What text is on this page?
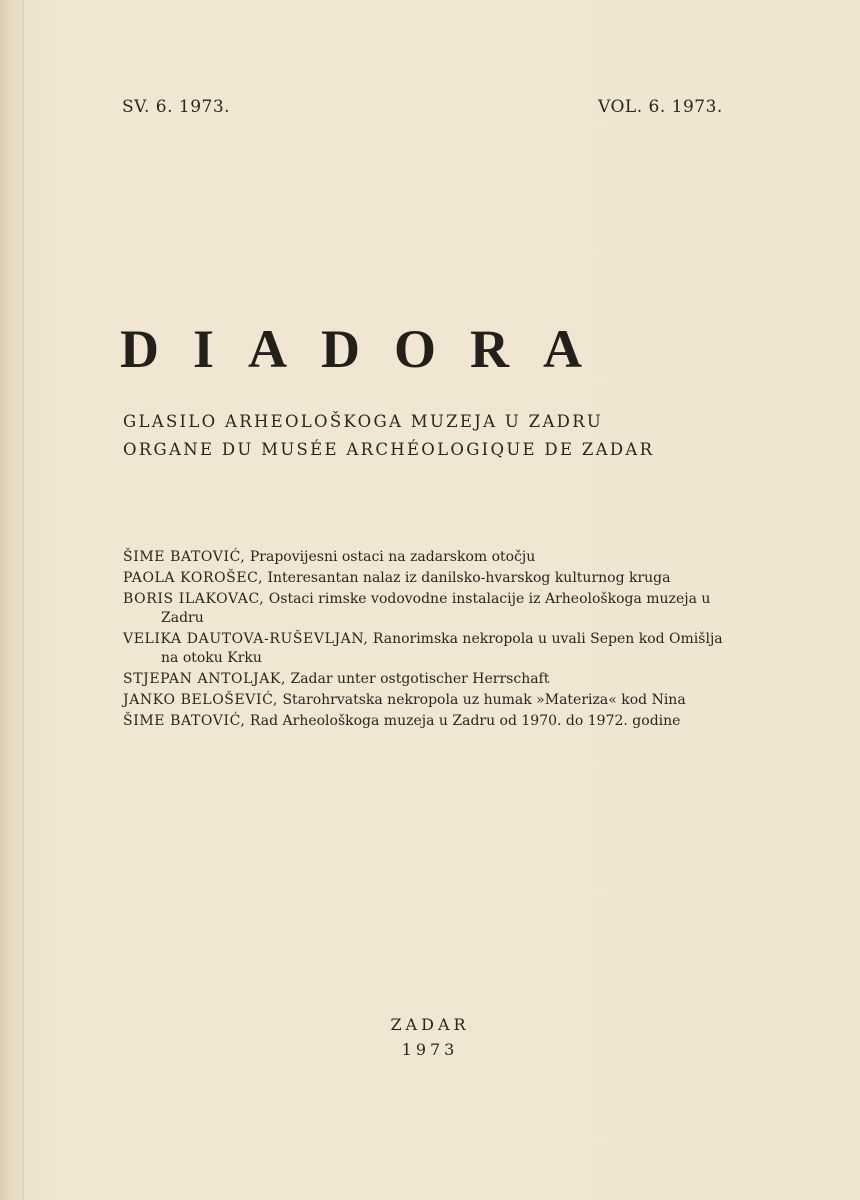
SV. 6. 1973.	VOL. 6. 1973.
DIADORA
GLASILO ARHEOLOŠKOGA MUZEJA U ZADRU
ORGANE DU MUSÉE ARCHÉOLOGIQUE DE ZADAR
ŠIME BATOVIĆ, Prapovijesni ostaci na zadarskom otočju
PAOLA KOROŠEC, Interesantan nalaz iz danilsko-hvarskog kulturnog kruga
BORIS ILAKOVAC, Ostaci rimske vodovodne instalacije iz Arheološkoga muzeja u Zadru
VELIKA DAUTOVA-RUŠEVLJAN, Ranorimska nekropola u uvali Sepen kod Omišlja na otoku Krku
STJEPAN ANTOLJAK, Zadar unter ostgotischer Herrschaft
JANKO BELOŠEVIĆ, Starohrvatska nekropola uz humak »Materiza« kod Nina
ŠIME BATOVIĆ, Rad Arheološkoga muzeja u Zadru od 1970. do 1972. godine
ZADAR
1973
